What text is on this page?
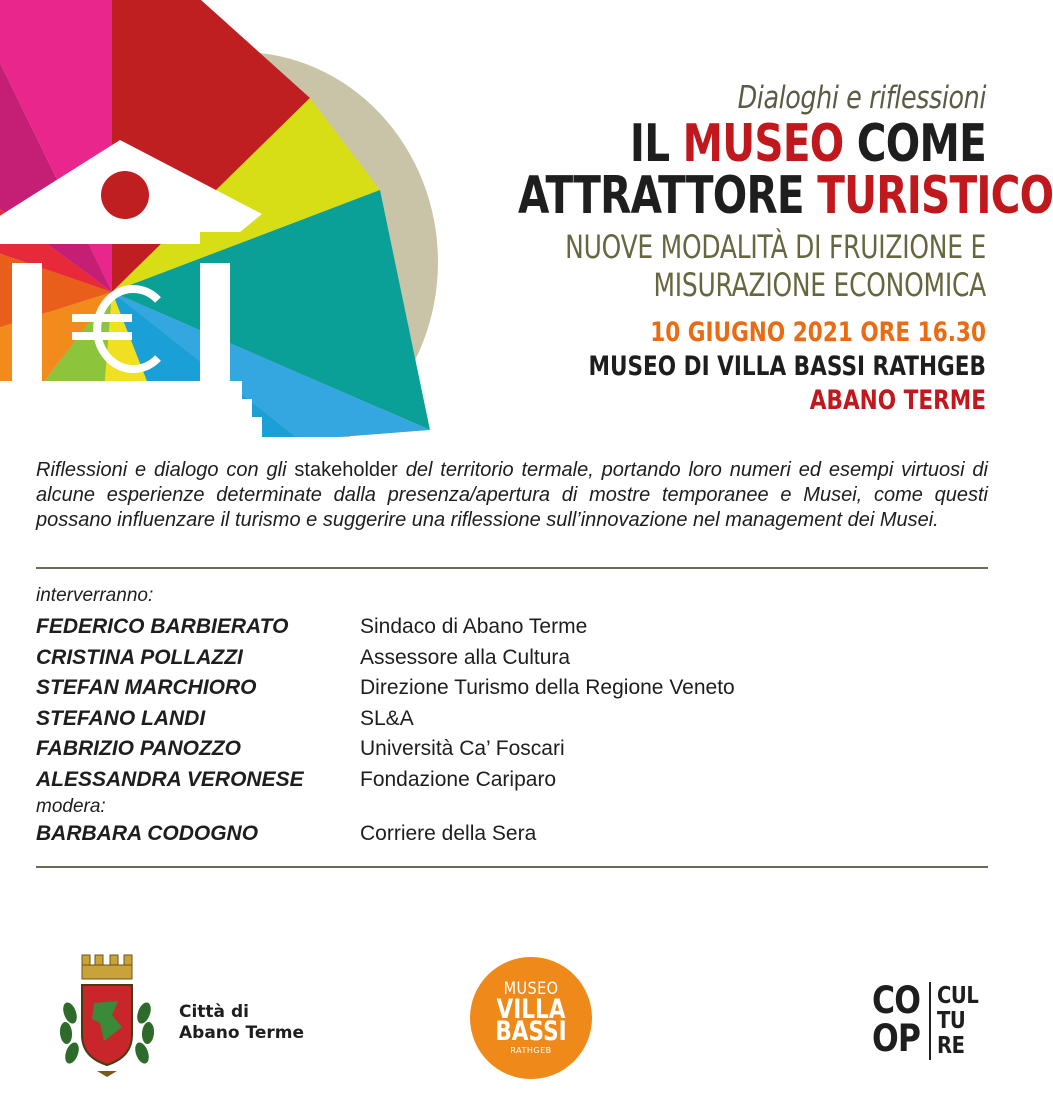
Dialoghi e riflessioni
IL MUSEO COME
ATTRATTORE TURISTICO
NUOVE MODALITÀ DI FRUIZIONE E
MISURAZIONE ECONOMICA
10 GIUGNO 2021 ORE 16.30
MUSEO DI VILLA BASSI RATHGEB
ABANO TERME
Riflessioni e dialogo con gli stakeholder del territorio termale, portando loro numeri ed esempi virtuosi di alcune esperienze determinate dalla presenza/apertura di mostre temporanee e Musei, come questi possano influenzare il turismo e suggerire una riflessione sull’innovazione nel management dei Musei.
interverranno:
FEDERICO BARBIERATO	Sindaco di Abano Terme
CRISTINA POLLAZZI	Assessore alla Cultura
STEFAN MARCHIORO	Direzione Turismo della Regione Veneto
STEFANO LANDI	SL&A
FABRIZIO PANOZZO	Università Ca’ Foscari
ALESSANDRA VERONESE	Fondazione Cariparo
modera:
BARBARA CODOGNO	Corriere della Sera
Città di
Abano Terme
MUSEO
VILLA
BASSI
RATHGEB
CO
OP
CUL
TU
RE
